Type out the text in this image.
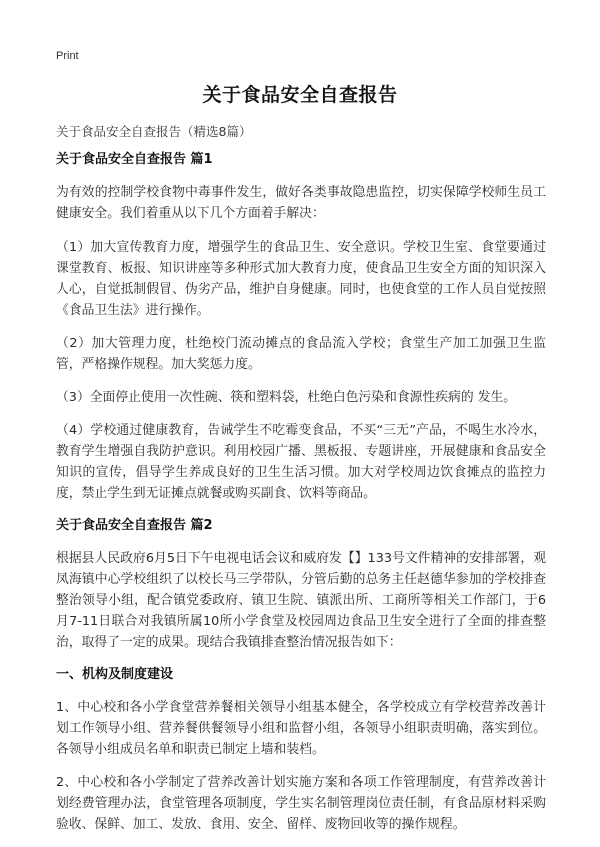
Print
关于食品安全自查报告
关于食品安全自查报告（精选8篇）
关于食品安全自查报告 篇1

为有效的控制学校食物中毒事件发生，做好各类事故隐患监控，切实保障学校师生员工健康安全。我们着重从以下几个方面着手解决：

（1）加大宣传教育力度，增强学生的食品卫生、安全意识。学校卫生室、食堂要通过课堂教育、板报、知识讲座等多种形式加大教育力度，使食品卫生安全方面的知识深入人心，自觉抵制假冒、伪劣产品，维护自身健康。同时，也使食堂的工作人员自觉按照《食品卫生法》进行操作。

（2）加大管理力度，杜绝校门流动摊点的食品流入学校；食堂生产加工加强卫生监管，严格操作规程。加大奖惩力度。

（3）全面停止使用一次性碗、筷和塑料袋，杜绝白色污染和食源性疾病的 发生。

（4）学校通过健康教育，告诫学生不吃霉变食品，不买“三无”产品，不喝生水冷水，教育学生增强自我防护意识。利用校园广播、黑板报、专题讲座，开展健康和食品安全知识的宣传，倡导学生养成良好的卫生生活习惯。加大对学校周边饮食摊点的监控力度，禁止学生到无证摊点就餐或购买副食、饮料等商品。

关于食品安全自查报告 篇2

根据县人民政府6月5日下午电视电话会议和威府发【】133号文件精神的安排部署，观凤海镇中心学校组织了以校长马三学带队，分管后勤的总务主任赵德华参加的学校排查整治领导小组，配合镇党委政府、镇卫生院、镇派出所、工商所等相关工作部门，于6月7-11日联合对我镇所属10所小学食堂及校园周边食品卫生安全进行了全面的排查整治，取得了一定的成果。现结合我镇排查整治情况报告如下：

一、机构及制度建设

1、中心校和各小学食堂营养餐相关领导小组基本健全，各学校成立有学校营养改善计划工作领导小组、营养餐供餐领导小组和监督小组，各领导小组职责明确，落实到位。各领导小组成员名单和职责已制定上墙和装档。

2、中心校和各小学制定了营养改善计划实施方案和各项工作管理制度，有营养改善计划经费管理办法，食堂管理各项制度，学生实名制管理岗位责任制，有食品原材料采购验收、保鲜、加工、发放、食用、安全、留样、废物回收等的操作规程。
